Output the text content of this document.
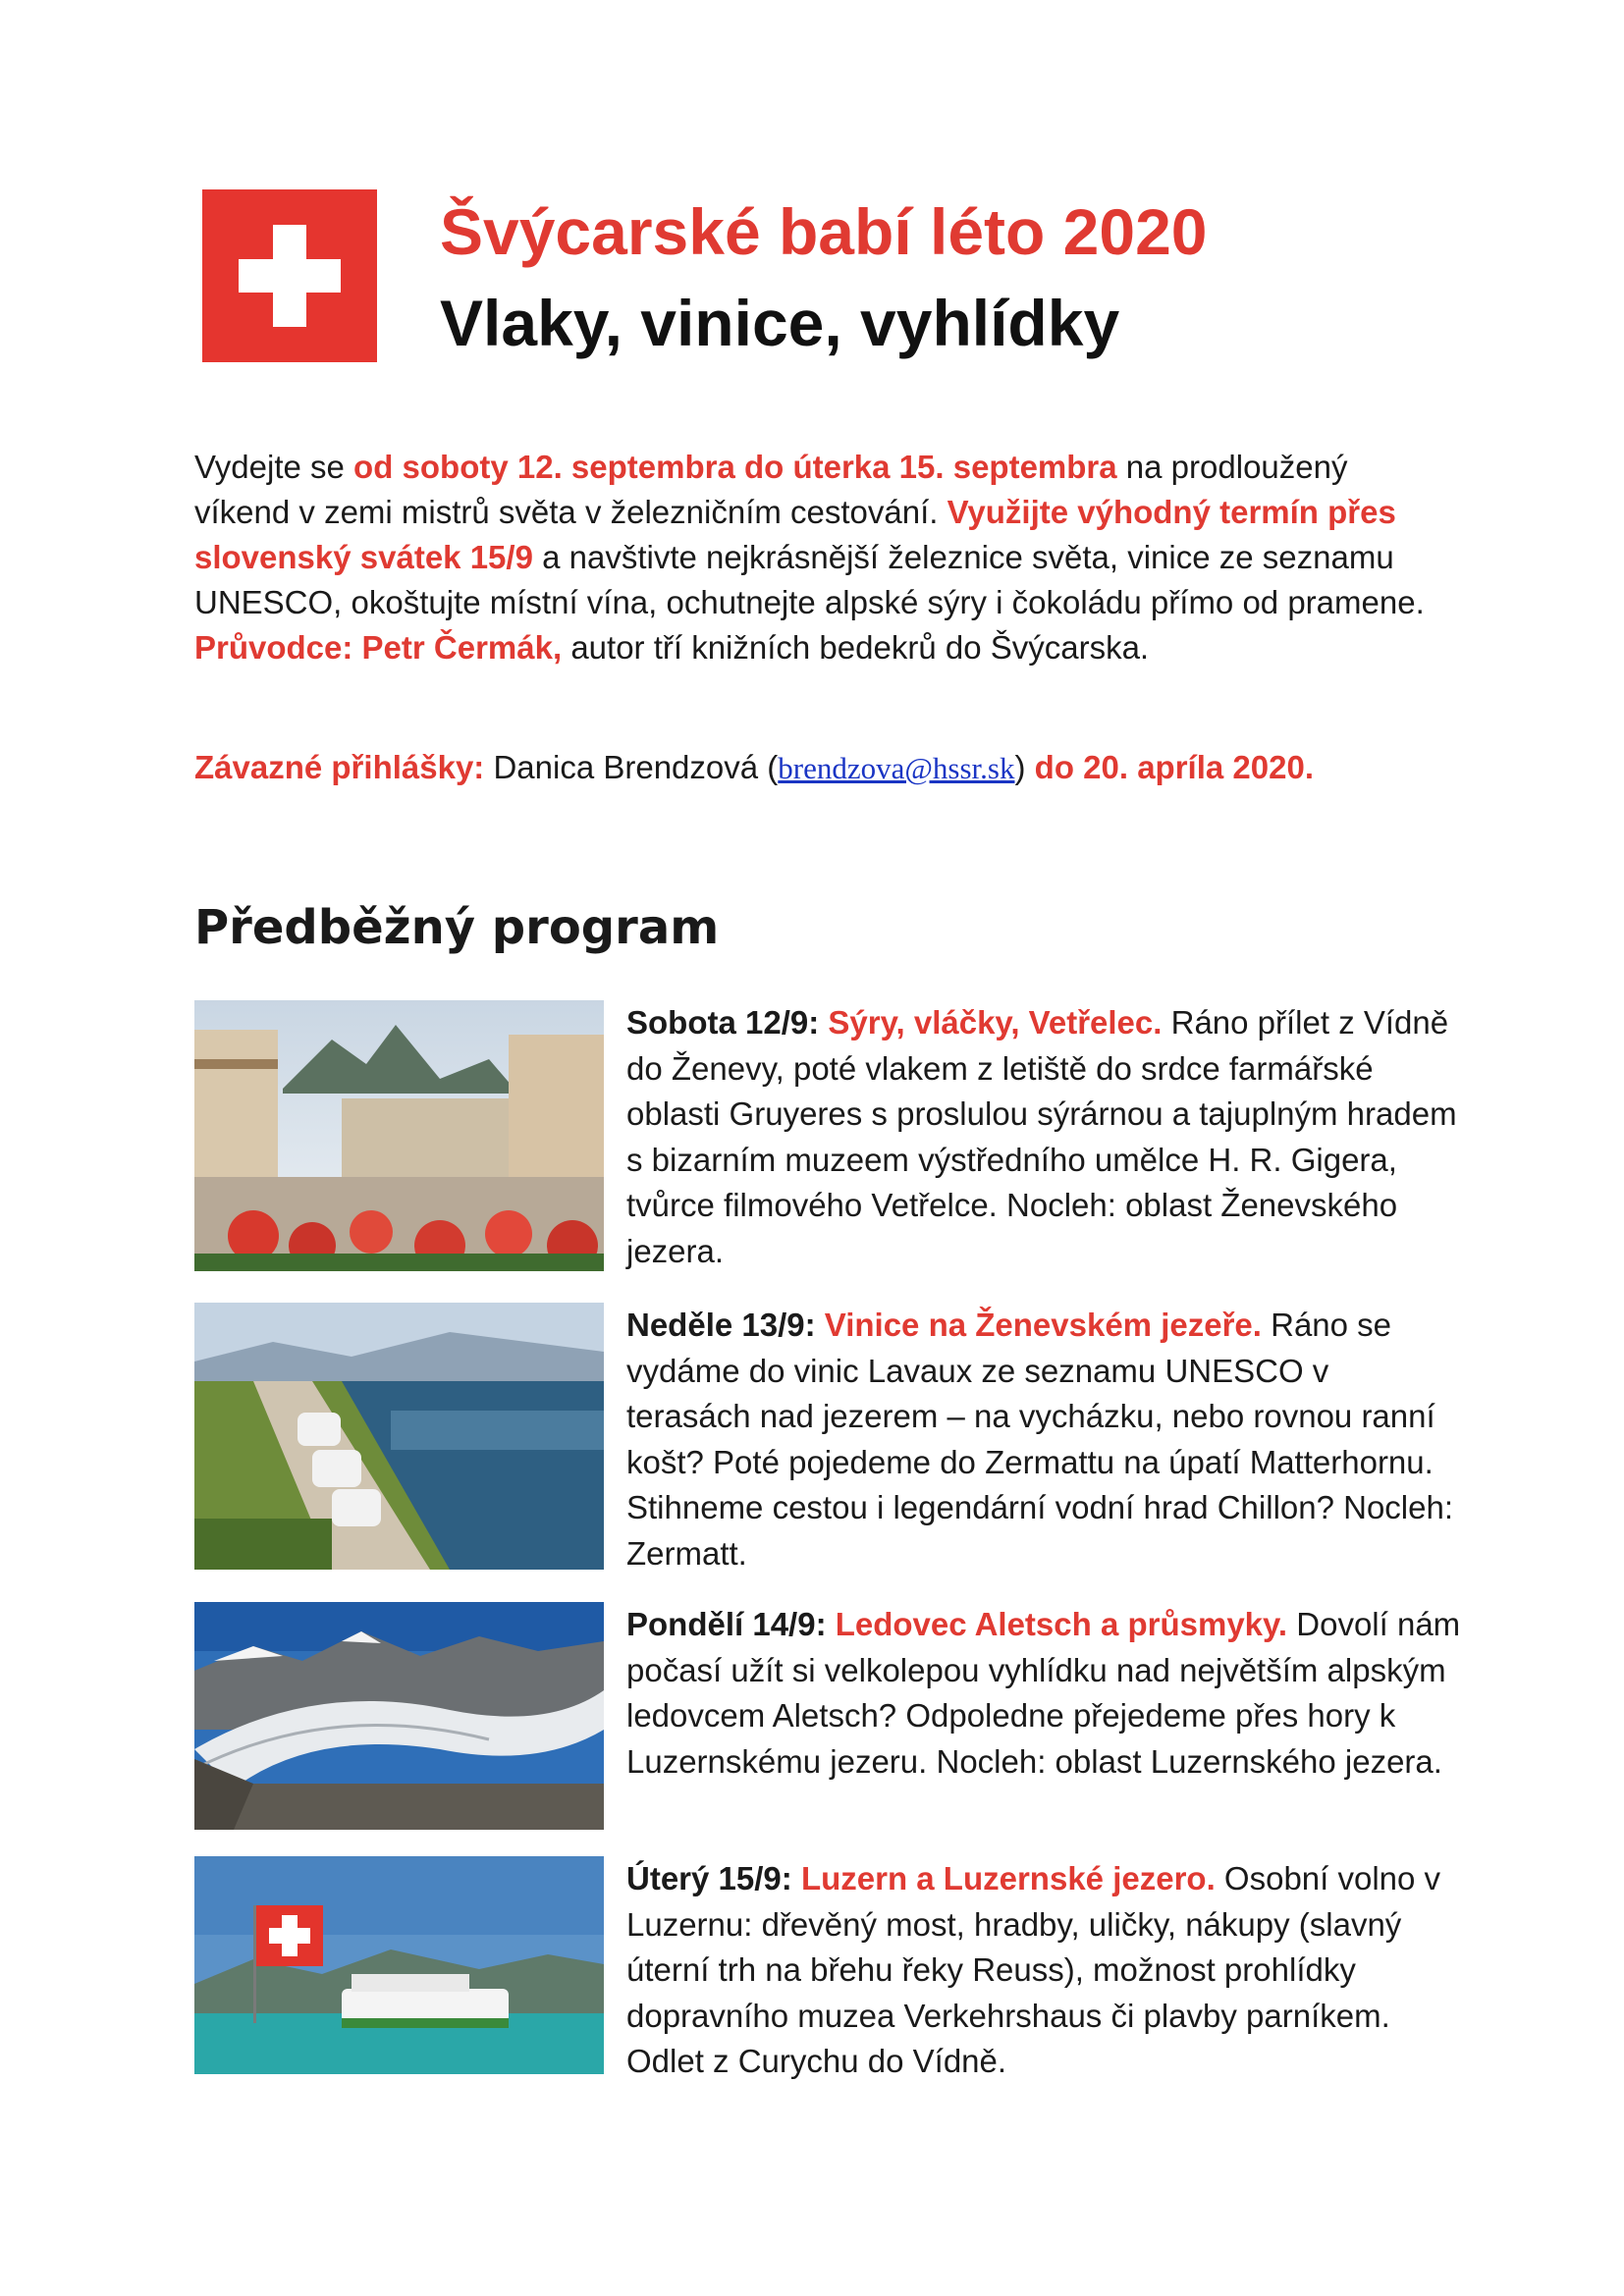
Švýcarské babí léto 2020
Vlaky, vinice, vyhlídky

Vydejte se od soboty 12. septembra do úterka 15. septembra na prodloužený víkend v zemi mistrů světa v železničním cestování. Využijte výhodný termín přes slovenský svátek 15/9 a navštivte nejkrásnější železnice světa, vinice ze seznamu UNESCO, okoštujte místní vína, ochutnejte alpské sýry i čokoládu přímo od pramene. Průvodce: Petr Čermák, autor tří knižních bedekrů do Švýcarska.

Závazné přihlášky: Danica Brendzová (brendzova@hssr.sk) do 20. apríla 2020.
Předběžný program

Sobota 12/9: Sýry, vláčky, Vetřelec. Ráno přílet z Vídně do Ženevy, poté vlakem z letiště do srdce farmářské oblasti Gruyeres s proslulou sýrárnou a tajuplným hradem s bizarním muzeem výstředního umělce H. R. Gigera, tvůrce filmového Vetřelce. Nocleh: oblast Ženevského jezera.

Neděle 13/9: Vinice na Ženevském jezeře. Ráno se vydáme do vinic Lavaux ze seznamu UNESCO v terasách nad jezerem – na vycházku, nebo rovnou ranní košt? Poté pojedeme do Zermattu na úpatí Matterhornu. Stihneme cestou i legendární vodní hrad Chillon? Nocleh: Zermatt.

Pondělí 14/9: Ledovec Aletsch a průsmyky. Dovolí nám počasí užít si velkolepou vyhlídku nad největším alpským ledovcem Aletsch? Odpoledne přejedeme přes hory k Luzernskému jezeru. Nocleh: oblast Luzernského jezera.

Úterý 15/9: Luzern a Luzernské jezero. Osobní volno v Luzernu: dřevěný most, hradby, uličky, nákupy (slavný úterní trh na břehu řeky Reuss), možnost prohlídky dopravního muzea Verkehrshaus či plavby parníkem. Odlet z Curychu do Vídně.
